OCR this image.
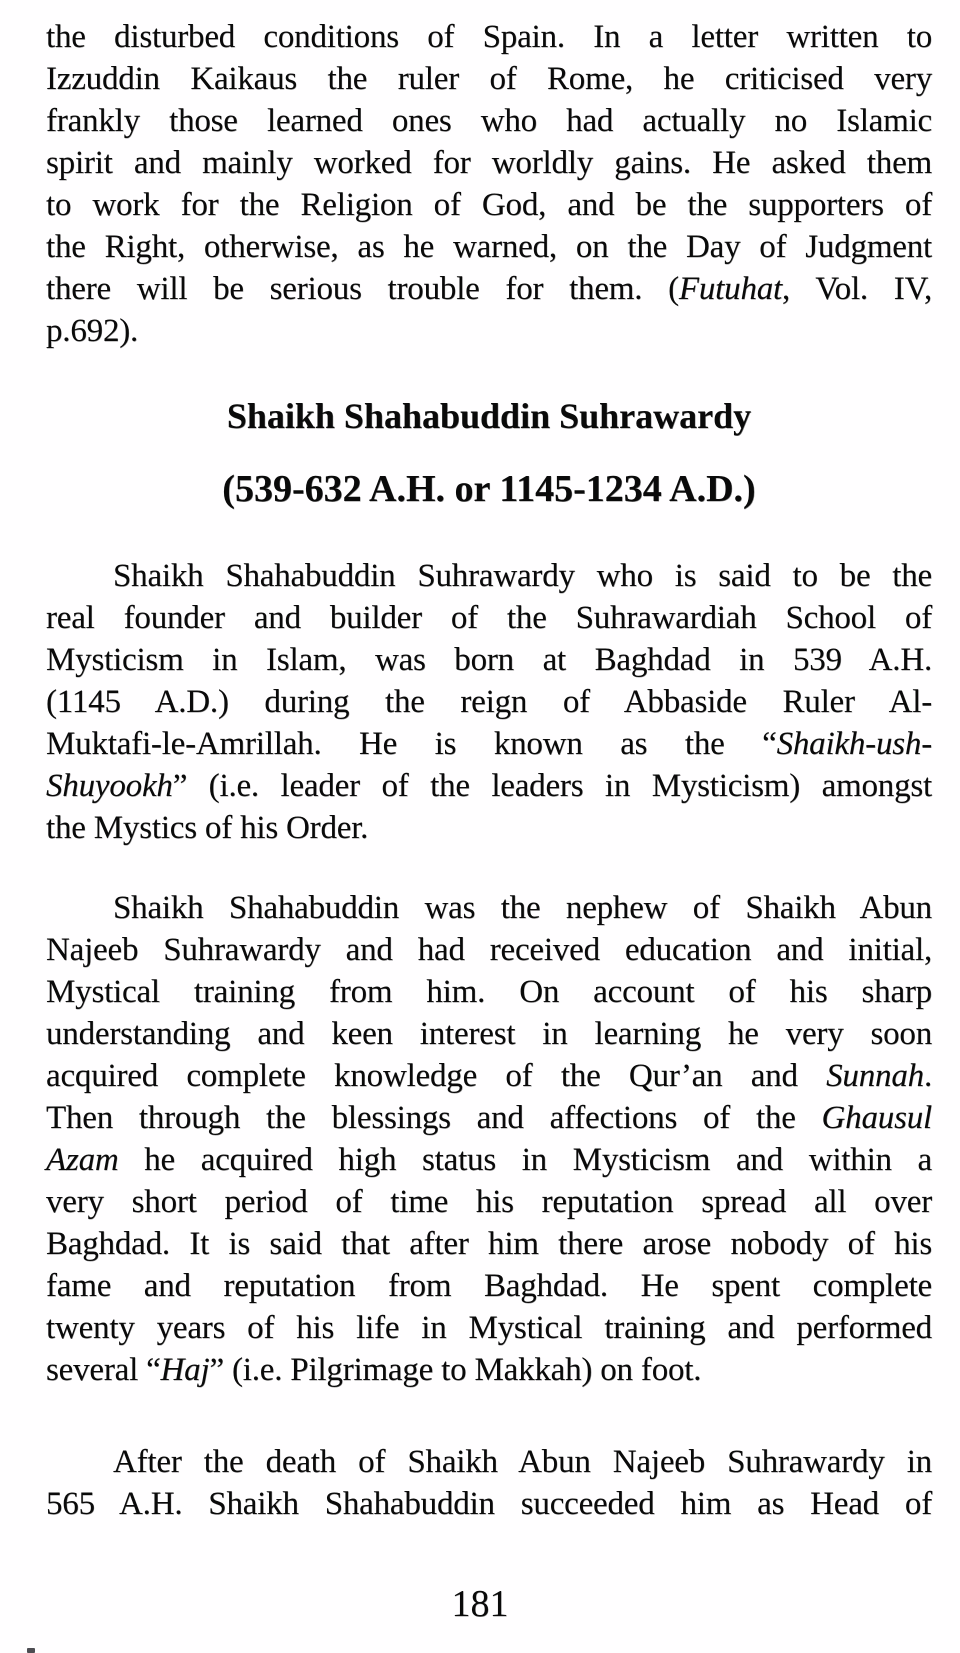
the disturbed conditions of Spain. In a letter written to
Izzuddin Kaikaus the ruler of Rome, he criticised very
frankly those learned ones who had actually no Islamic
spirit and mainly worked for worldly gains. He asked them
to work for the Religion of God, and be the supporters of
the Right, otherwise, as he warned, on the Day of Judgment
there will be serious trouble for them. (Futuhat, Vol. IV,
p.692).
Shaikh Shahabuddin Suhrawardy
(539-632 A.H. or 1145-1234 A.D.)
Shaikh Shahabuddin Suhrawardy who is said to be the
real founder and builder of the Suhrawardiah School of
Mysticism in Islam, was born at Baghdad in 539 A.H.
(1145 A.D.) during the reign of Abbaside Ruler Al-
Muktafi-le-Amrillah. He is known as the “Shaikh-ush-
Shuyookh” (i.e. leader of the leaders in Mysticism) amongst
the Mystics of his Order.
Shaikh Shahabuddin was the nephew of Shaikh Abun
Najeeb Suhrawardy and had received education and initial,
Mystical training from him. On account of his sharp
understanding and keen interest in learning he very soon
acquired complete knowledge of the Qur’an and Sunnah.
Then through the blessings and affections of the Ghausul
Azam he acquired high status in Mysticism and within a
very short period of time his reputation spread all over
Baghdad. It is said that after him there arose nobody of his
fame and reputation from Baghdad. He spent complete
twenty years of his life in Mystical training and performed
several “Haj” (i.e. Pilgrimage to Makkah) on foot.
After the death of Shaikh Abun Najeeb Suhrawardy in
565 A.H. Shaikh Shahabuddin succeeded him as Head of
181
